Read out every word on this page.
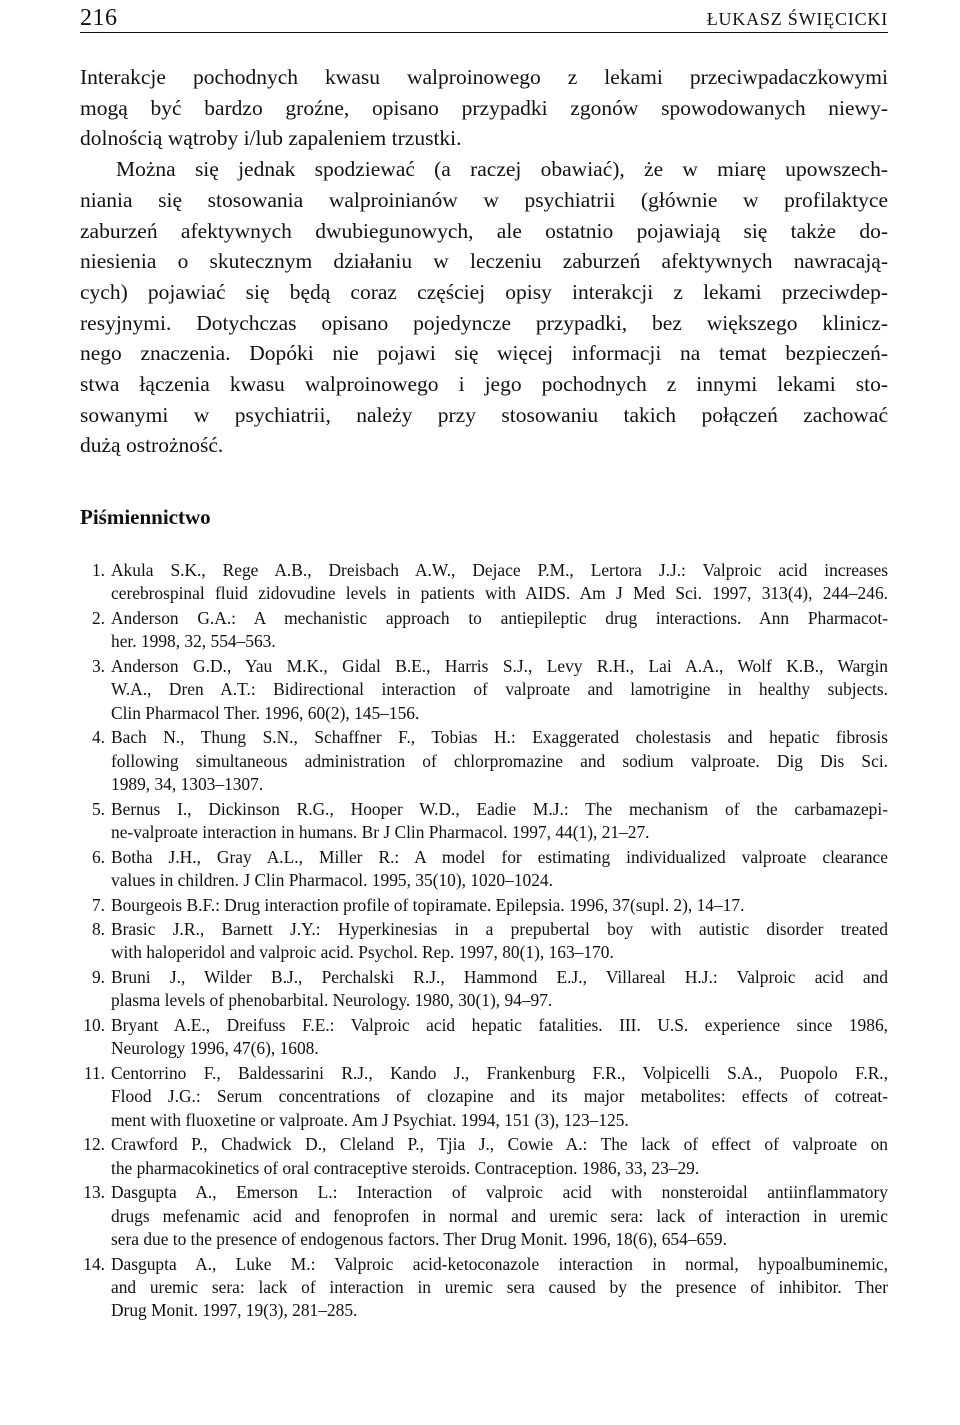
216	ŁUKASZ ŚWIĘCICKI
Interakcje pochodnych kwasu walproinowego z lekami przeciwpadaczkowymi
mogą być bardzo groźne, opisano przypadki zgonów spowodowanych niewy-
dolnością wątroby i/lub zapaleniem trzustki.
Można się jednak spodziewać (a raczej obawiać), że w miarę upowszech-
niania się stosowania walproinianów w psychiatrii (głównie w profilaktyce
zaburzeń afektywnych dwubiegunowych, ale ostatnio pojawiają się także do-
niesienia o skutecznym działaniu w leczeniu zaburzeń afektywnych nawracają-
cych) pojawiać się będą coraz częściej opisy interakcji z lekami przeciwdep-
resyjnymi. Dotychczas opisano pojedyncze przypadki, bez większego klinicz-
nego znaczenia. Dopóki nie pojawi się więcej informacji na temat bezpieczeń-
stwa łączenia kwasu walproinowego i jego pochodnych z innymi lekami sto-
sowanymi w psychiatrii, należy przy stosowaniu takich połączeń zachować
dużą ostrożność.
Piśmiennictwo
1. Akula S.K., Rege A.B., Dreisbach A.W., Dejace P.M., Lertora J.J.: Valproic acid increases
cerebrospinal fluid zidovudine levels in patients with AIDS. Am J Med Sci. 1997, 313(4), 244–246.
2. Anderson G.A.: A mechanistic approach to antiepileptic drug interactions. Ann Pharmacot-
her. 1998, 32, 554–563.
3. Anderson G.D., Yau M.K., Gidal B.E., Harris S.J., Levy R.H., Lai A.A., Wolf K.B., Wargin
W.A., Dren A.T.: Bidirectional interaction of valproate and lamotrigine in healthy subjects.
Clin Pharmacol Ther. 1996, 60(2), 145–156.
4. Bach N., Thung S.N., Schaffner F., Tobias H.: Exaggerated cholestasis and hepatic fibrosis
following simultaneous administration of chlorpromazine and sodium valproate. Dig Dis Sci.
1989, 34, 1303–1307.
5. Bernus I., Dickinson R.G., Hooper W.D., Eadie M.J.: The mechanism of the carbamazepi-
ne-valproate interaction in humans. Br J Clin Pharmacol. 1997, 44(1), 21–27.
6. Botha J.H., Gray A.L., Miller R.: A model for estimating individualized valproate clearance
values in children. J Clin Pharmacol. 1995, 35(10), 1020–1024.
7. Bourgeois B.F.: Drug interaction profile of topiramate. Epilepsia. 1996, 37(supl. 2), 14–17.
8. Brasic J.R., Barnett J.Y.: Hyperkinesias in a prepubertal boy with autistic disorder treated
with haloperidol and valproic acid. Psychol. Rep. 1997, 80(1), 163–170.
9. Bruni J., Wilder B.J., Perchalski R.J., Hammond E.J., Villareal H.J.: Valproic acid and
plasma levels of phenobarbital. Neurology. 1980, 30(1), 94–97.
10. Bryant A.E., Dreifuss F.E.: Valproic acid hepatic fatalities. III. U.S. experience since 1986,
Neurology 1996, 47(6), 1608.
11. Centorrino F., Baldessarini R.J., Kando J., Frankenburg F.R., Volpicelli S.A., Puopolo F.R.,
Flood J.G.: Serum concentrations of clozapine and its major metabolites: effects of cotreat-
ment with fluoxetine or valproate. Am J Psychiat. 1994, 151 (3), 123–125.
12. Crawford P., Chadwick D., Cleland P., Tjia J., Cowie A.: The lack of effect of valproate on
the pharmacokinetics of oral contraceptive steroids. Contraception. 1986, 33, 23–29.
13. Dasgupta A., Emerson L.: Interaction of valproic acid with nonsteroidal antiinflammatory
drugs mefenamic acid and fenoprofen in normal and uremic sera: lack of interaction in uremic
sera due to the presence of endogenous factors. Ther Drug Monit. 1996, 18(6), 654–659.
14. Dasgupta A., Luke M.: Valproic acid-ketoconazole interaction in normal, hypoalbuminemic,
and uremic sera: lack of interaction in uremic sera caused by the presence of inhibitor. Ther
Drug Monit. 1997, 19(3), 281–285.
